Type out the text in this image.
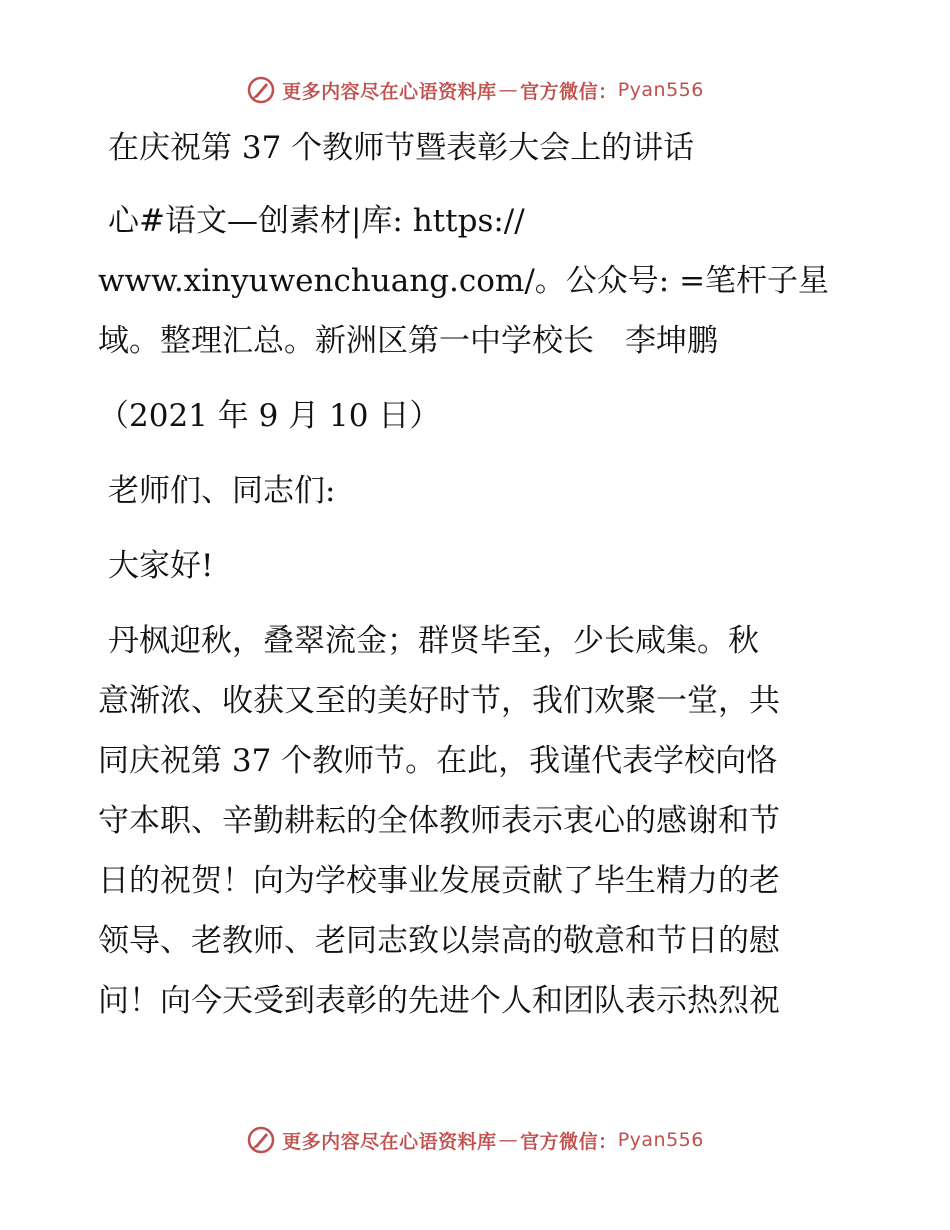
更多内容尽在心语资料库 — 官方微信： Pyan556
在庆祝第 37 个教师节暨表彰大会上的讲话
心#语文—创素材|库: https://
www.xinyuwenchuang.com/。公众号: =笔杆子星
域。整理汇总。新洲区第一中学校长　李坤鹏
（2021 年 9 月 10 日）
老师们、同志们:
大家好!
丹枫迎秋，叠翠流金；群贤毕至，少长咸集。秋
意渐浓、收获又至的美好时节，我们欢聚一堂，共
同庆祝第 37 个教师节。在此，我谨代表学校向恪
守本职、辛勤耕耘的全体教师表示衷心的感谢和节
日的祝贺！向为学校事业发展贡献了毕生精力的老
领导、老教师、老同志致以崇高的敬意和节日的慰
问！向今天受到表彰的先进个人和团队表示热烈祝
更多内容尽在心语资料库 — 官方微信： Pyan556
